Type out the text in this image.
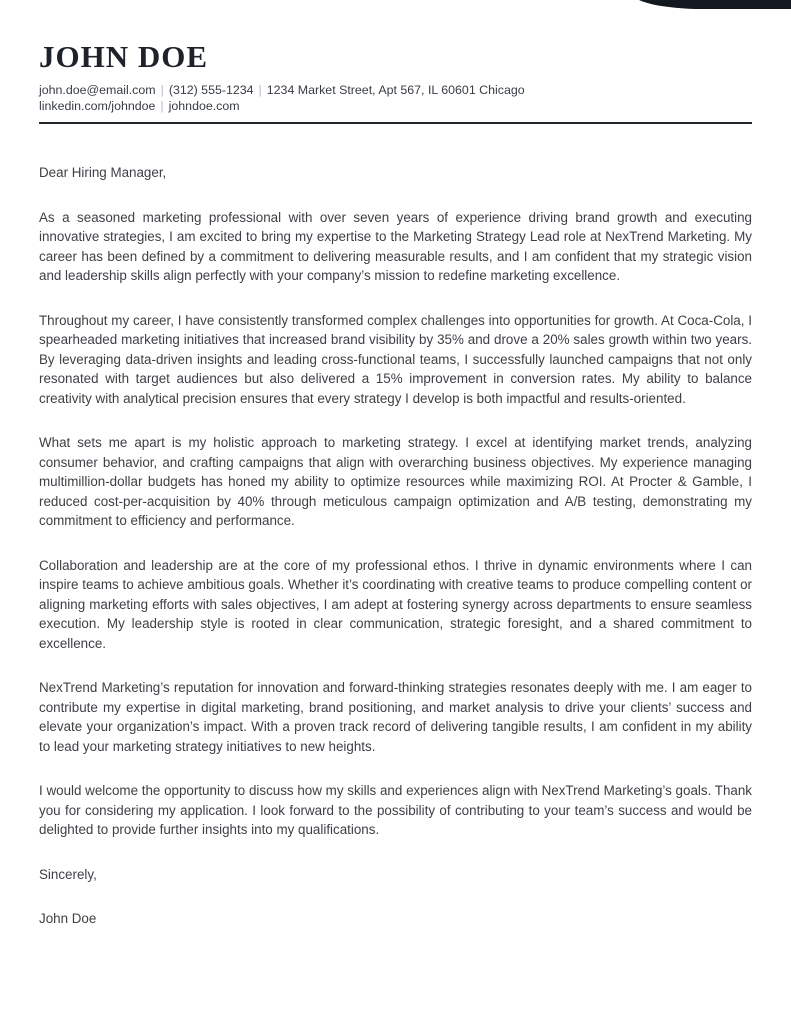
JOHN DOE
john.doe@email.com | (312) 555-1234 | 1234 Market Street, Apt 567, IL 60601 Chicago
linkedin.com/johndoe | johndoe.com

Dear Hiring Manager,

As a seasoned marketing professional with over seven years of experience driving brand growth and executing innovative strategies, I am excited to bring my expertise to the Marketing Strategy Lead role at NexTrend Marketing. My career has been defined by a commitment to delivering measurable results, and I am confident that my strategic vision and leadership skills align perfectly with your company’s mission to redefine marketing excellence.

Throughout my career, I have consistently transformed complex challenges into opportunities for growth. At Coca-Cola, I spearheaded marketing initiatives that increased brand visibility by 35% and drove a 20% sales growth within two years. By leveraging data-driven insights and leading cross-functional teams, I successfully launched campaigns that not only resonated with target audiences but also delivered a 15% improvement in conversion rates. My ability to balance creativity with analytical precision ensures that every strategy I develop is both impactful and results-oriented.

What sets me apart is my holistic approach to marketing strategy. I excel at identifying market trends, analyzing consumer behavior, and crafting campaigns that align with overarching business objectives. My experience managing multimillion-dollar budgets has honed my ability to optimize resources while maximizing ROI. At Procter & Gamble, I reduced cost-per-acquisition by 40% through meticulous campaign optimization and A/B testing, demonstrating my commitment to efficiency and performance.

Collaboration and leadership are at the core of my professional ethos. I thrive in dynamic environments where I can inspire teams to achieve ambitious goals. Whether it’s coordinating with creative teams to produce compelling content or aligning marketing efforts with sales objectives, I am adept at fostering synergy across departments to ensure seamless execution. My leadership style is rooted in clear communication, strategic foresight, and a shared commitment to excellence.

NexTrend Marketing’s reputation for innovation and forward-thinking strategies resonates deeply with me. I am eager to contribute my expertise in digital marketing, brand positioning, and market analysis to drive your clients’ success and elevate your organization’s impact. With a proven track record of delivering tangible results, I am confident in my ability to lead your marketing strategy initiatives to new heights.

I would welcome the opportunity to discuss how my skills and experiences align with NexTrend Marketing’s goals. Thank you for considering my application. I look forward to the possibility of contributing to your team’s success and would be delighted to provide further insights into my qualifications.

Sincerely,

John Doe
